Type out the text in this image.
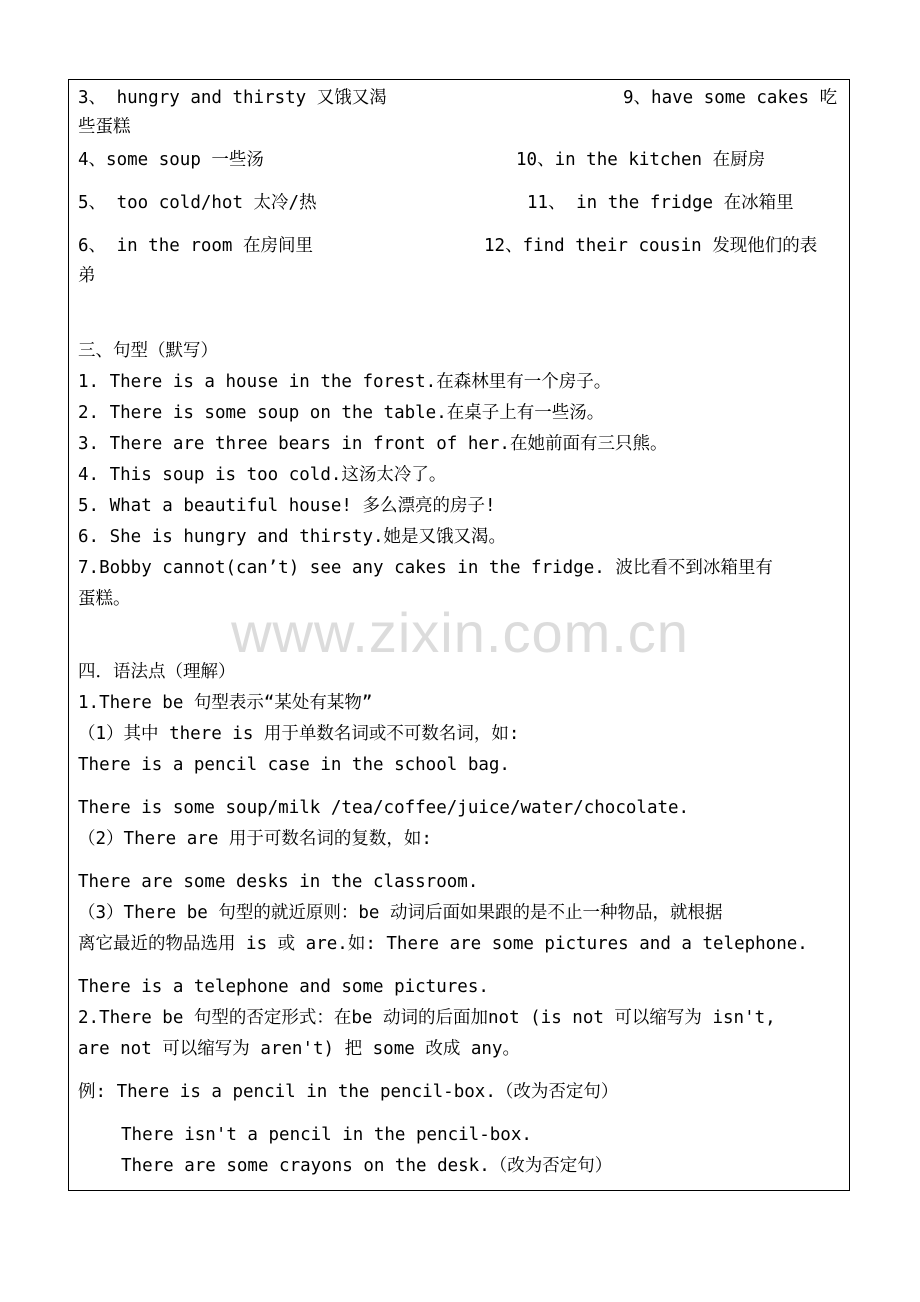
3、 hungry and thirsty 又饿又渴	9、have some cakes 吃
些蛋糕
4、some soup 一些汤	10、in the kitchen 在厨房
5、 too cold/hot 太冷/热	11、 in the fridge 在冰箱里
6、 in the room 在房间里	12、find their cousin 发现他们的表
弟
三、句型（默写）
1. There is a house in the forest.在森林里有一个房子。
2. There is some soup on the table.在桌子上有一些汤。
3. There are three bears in front of her.在她前面有三只熊。
4. This soup is too cold.这汤太冷了。
5. What a beautiful house! 多么漂亮的房子!
6. She is hungry and thirsty.她是又饿又渴。
7.Bobby cannot(can’t) see any cakes in the fridge. 波比看不到冰箱里有
蛋糕。
www.zixin.com.cn
四．语法点（理解）
1.There be 句型表示“某处有某物”
（1）其中 there is 用于单数名词或不可数名词，如:
There is a pencil case in the school bag.
There is some soup/milk /tea/coffee/juice/water/chocolate.
（2）There are 用于可数名词的复数，如:
There are some desks in the classroom.
（3）There be 句型的就近原则：be 动词后面如果跟的是不止一种物品，就根据
离它最近的物品选用 is 或 are.如: There are some pictures and a telephone.
There is a telephone and some pictures.
2.There be 句型的否定形式：在be 动词的后面加not (is not 可以缩写为 isn't,
are not 可以缩写为 aren't) 把 some 改成 any。
例: There is a pencil in the pencil-box.（改为否定句）
There isn't a pencil in the pencil-box.
There are some crayons on the desk.（改为否定句）
